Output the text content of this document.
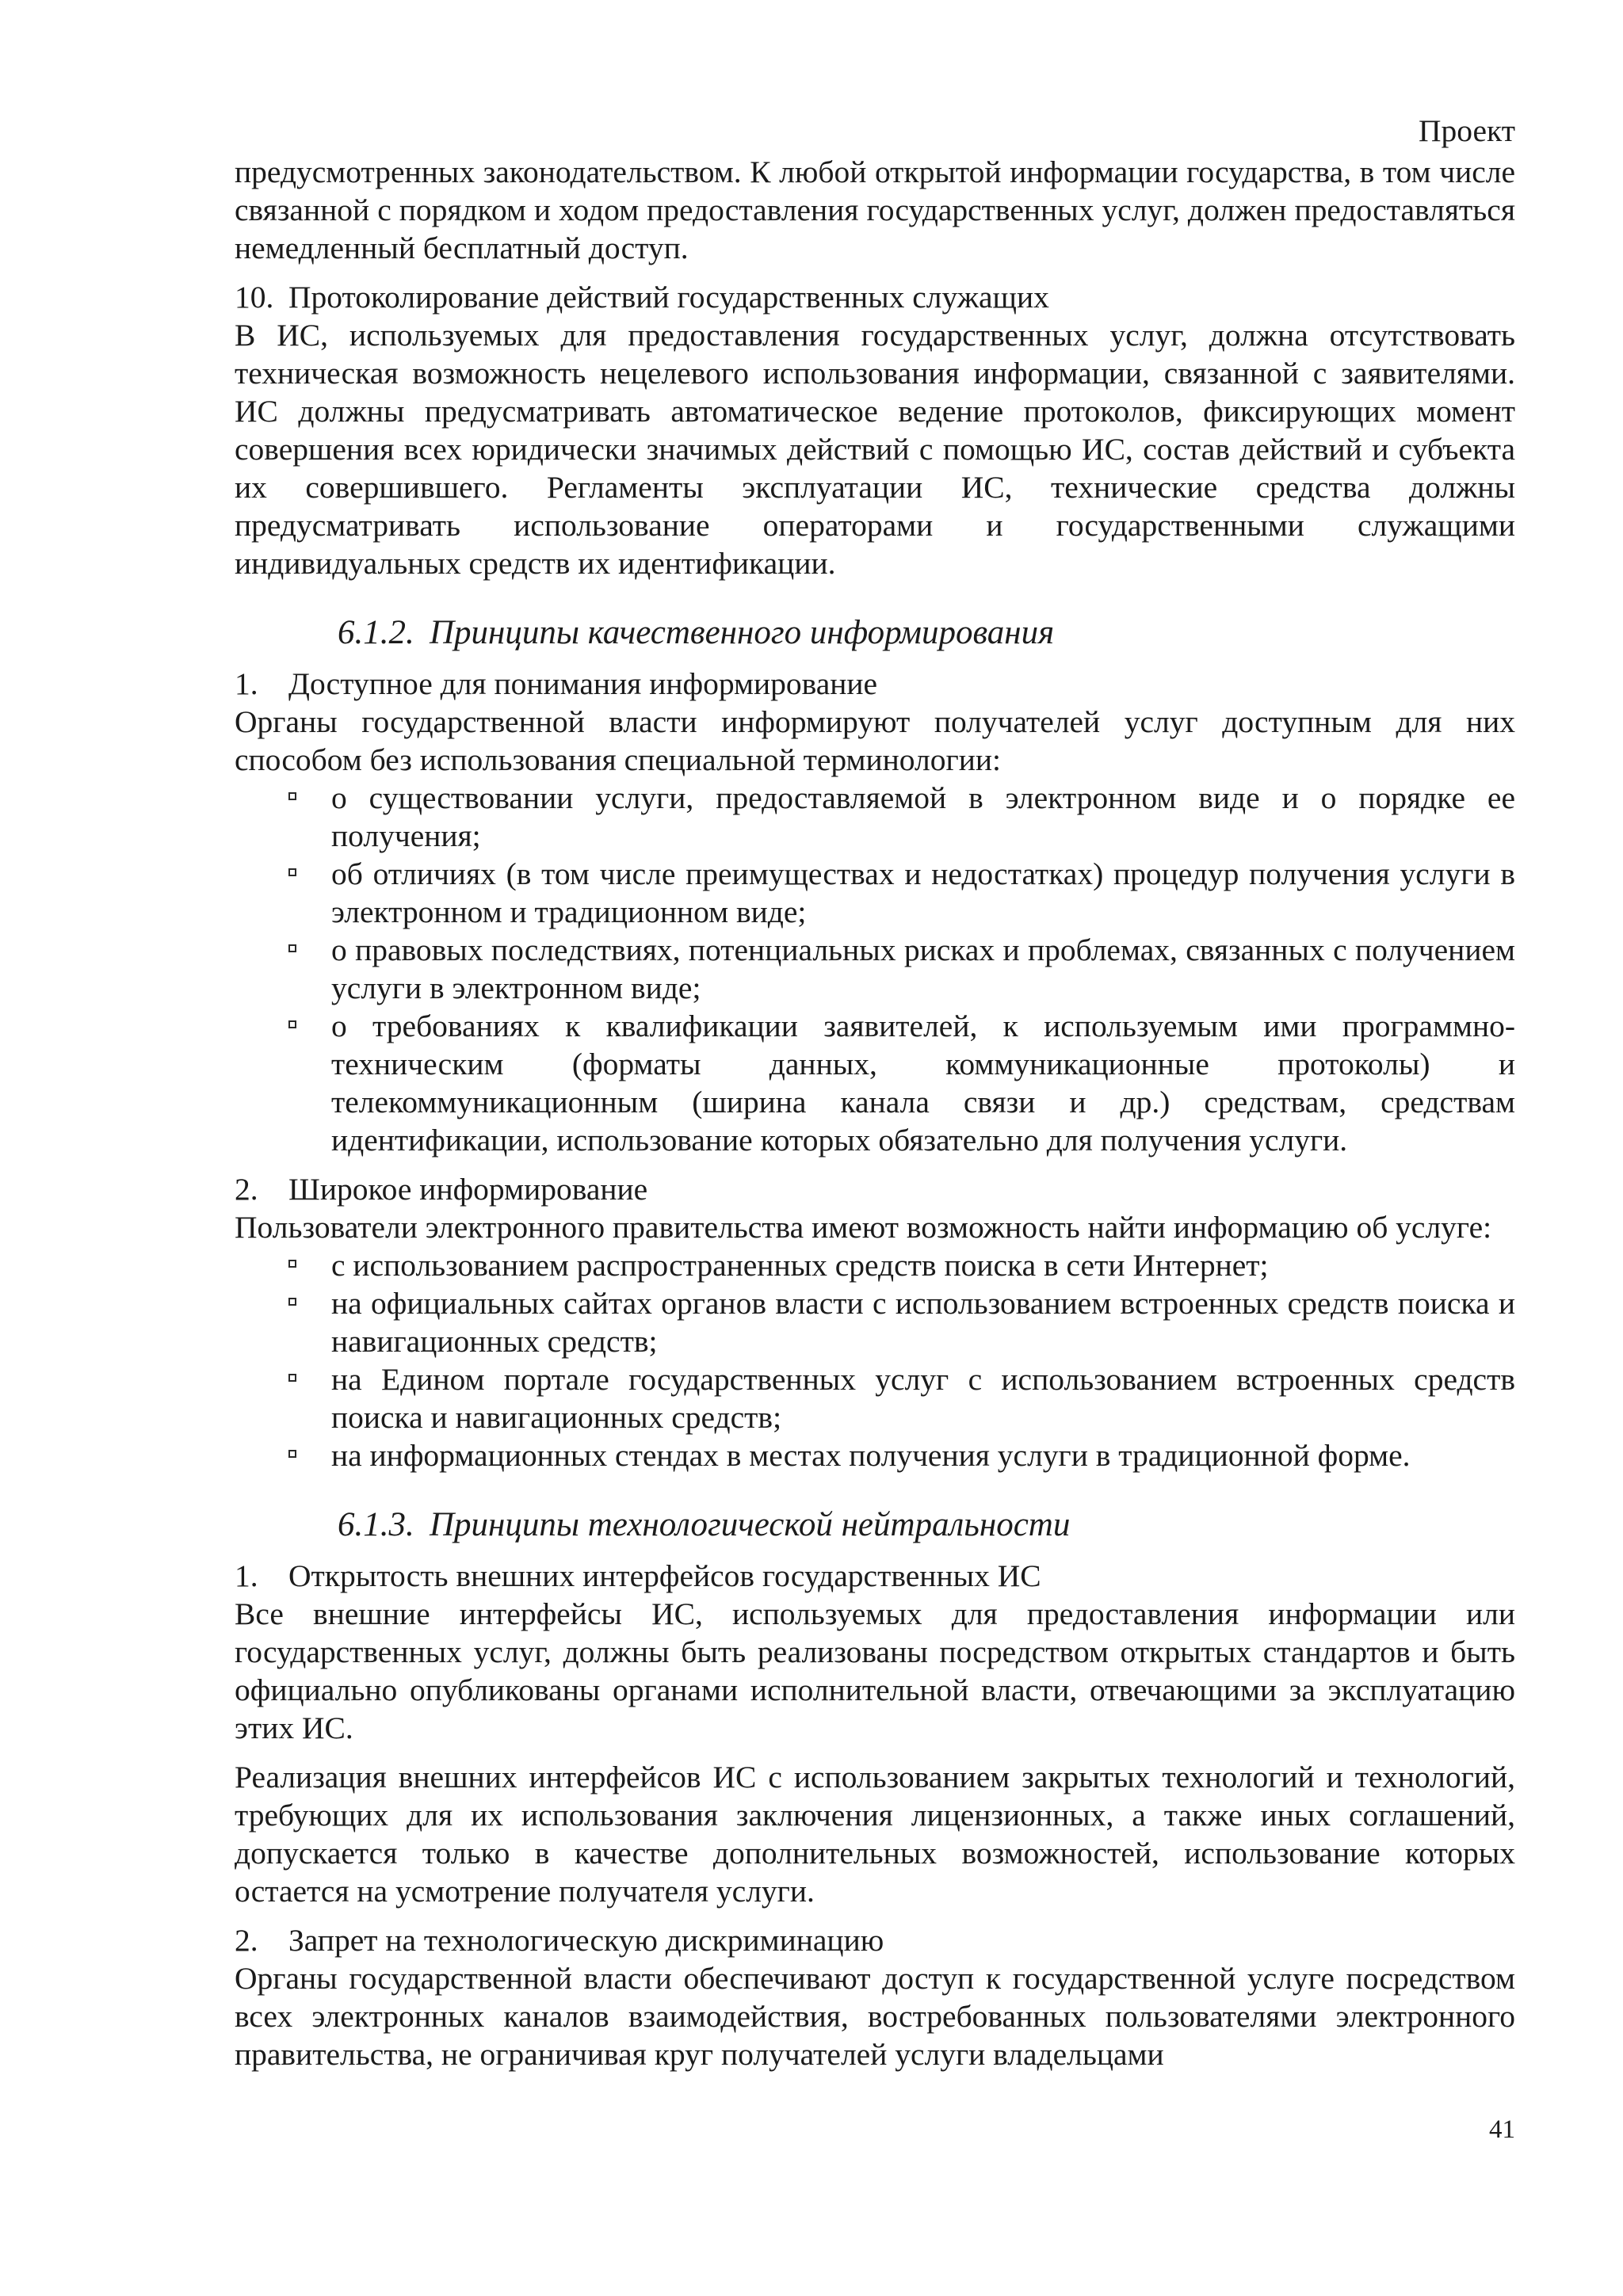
Проект

предусмотренных законодательством. К любой открытой информации государства, в том числе связанной с порядком и ходом предоставления государственных услуг, должен предоставляться немедленный бесплатный доступ.

10. Протоколирование действий государственных служащих

В ИС, используемых для предоставления государственных услуг, должна отсутствовать техническая возможность нецелевого использования информации, связанной с заявителями. ИС должны предусматривать автоматическое ведение протоколов, фиксирующих момент совершения всех юридически значимых действий с помощью ИС, состав действий и субъекта их совершившего. Регламенты эксплуатации ИС, технические средства должны предусматривать использование операторами и государственными служащими индивидуальных средств их идентификации.

6.1.2. Принципы качественного информирования
1. Доступное для понимания информирование

Органы государственной власти информируют получателей услуг доступным для них способом без использования специальной терминологии:

о существовании услуги, предоставляемой в электронном виде и о порядке ее получения;
об отличиях (в том числе преимуществах и недостатках) процедур получения услуги в электронном и традиционном виде;
о правовых последствиях, потенциальных рисках и проблемах, связанных с получением услуги в электронном виде;
о требованиях к квалификации заявителей, к используемым ими программно-техническим (форматы данных, коммуникационные протоколы) и телекоммуникационным (ширина канала связи и др.) средствам, средствам идентификации, использование которых обязательно для получения услуги.
2. Широкое информирование

Пользователи электронного правительства имеют возможность найти информацию об услуге:

с использованием распространенных средств поиска в сети Интернет;
на официальных сайтах органов власти с использованием встроенных средств поиска и навигационных средств;
на Едином портале государственных услуг с использованием встроенных средств поиска и навигационных средств;
на информационных стендах в местах получения услуги в традиционной форме.
6.1.3. Принципы технологической нейтральности
1. Открытость внешних интерфейсов государственных ИС

Все внешние интерфейсы ИС, используемых для предоставления информации или государственных услуг, должны быть реализованы посредством открытых стандартов и быть официально опубликованы органами исполнительной власти, отвечающими за эксплуатацию этих ИС.

Реализация внешних интерфейсов ИС с использованием закрытых технологий и технологий, требующих для их использования заключения лицензионных, а также иных соглашений, допускается только в качестве дополнительных возможностей, использование которых остается на усмотрение получателя услуги.

2. Запрет на технологическую дискриминацию

Органы государственной власти обеспечивают доступ к государственной услуге посредством всех электронных каналов взаимодействия, востребованных пользователями электронного правительства, не ограничивая круг получателей услуги владельцами

41
